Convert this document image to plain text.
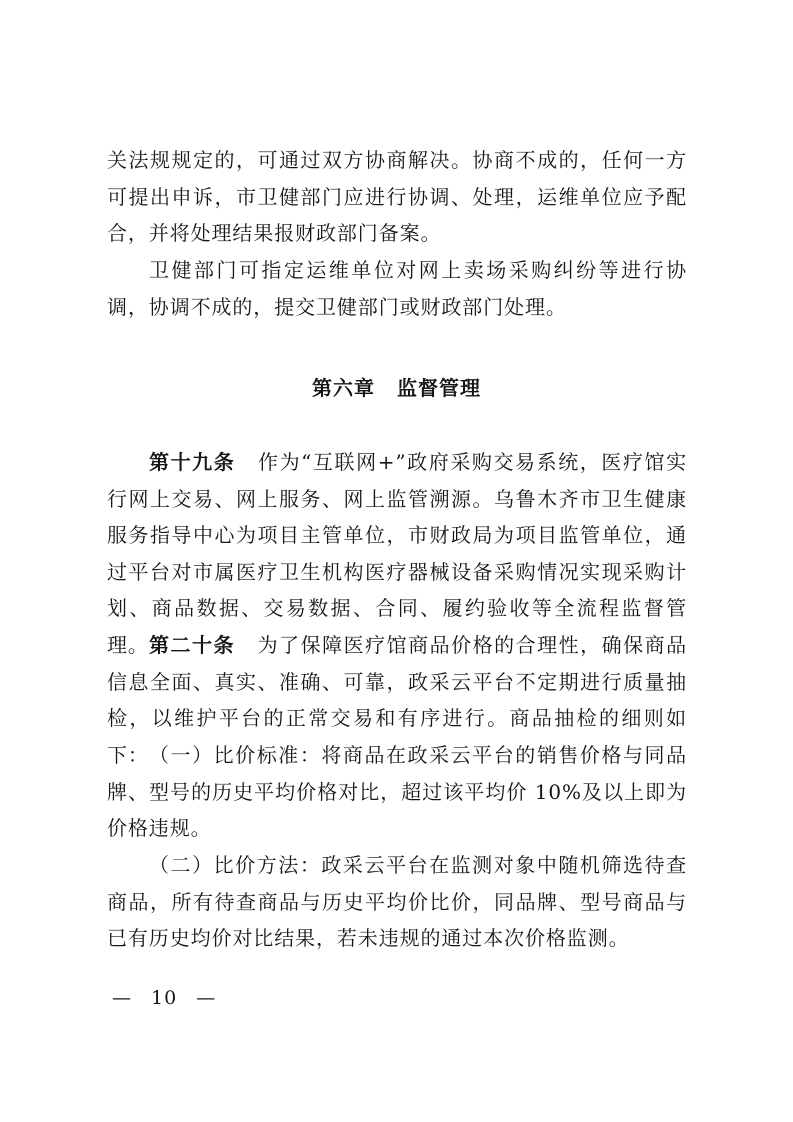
关法规规定的，可通过双方协商解决。协商不成的，任何一方可提出申诉，市卫健部门应进行协调、处理，运维单位应予配合，并将处理结果报财政部门备案。

卫健部门可指定运维单位对网上卖场采购纠纷等进行协调，协调不成的，提交卫健部门或财政部门处理。

第六章 监督管理

第十九条 作为“互联网+”政府采购交易系统，医疗馆实行网上交易、网上服务、网上监管溯源。乌鲁木齐市卫生健康服务指导中心为项目主管单位，市财政局为项目监管单位，通过平台对市属医疗卫生机构医疗器械设备采购情况实现采购计划、商品数据、交易数据、合同、履约验收等全流程监督管理。 第二十条 为了保障医疗馆商品价格的合理性，确保商品信息全面、真实、准确、可靠，政采云平台不定期进行质量抽检，以维护平台的正常交易和有序进行。商品抽检的细则如下： （一）比价标准：将商品在政采云平台的销售价格与同品牌、型号的历史平均价格对比，超过该平均价 10%及以上即为价格违规。

（二）比价方法：政采云平台在监测对象中随机筛选待查商品，所有待查商品与历史平均价比价，同品牌、型号商品与已有历史均价对比结果，若未违规的通过本次价格监测。

— 10 —
